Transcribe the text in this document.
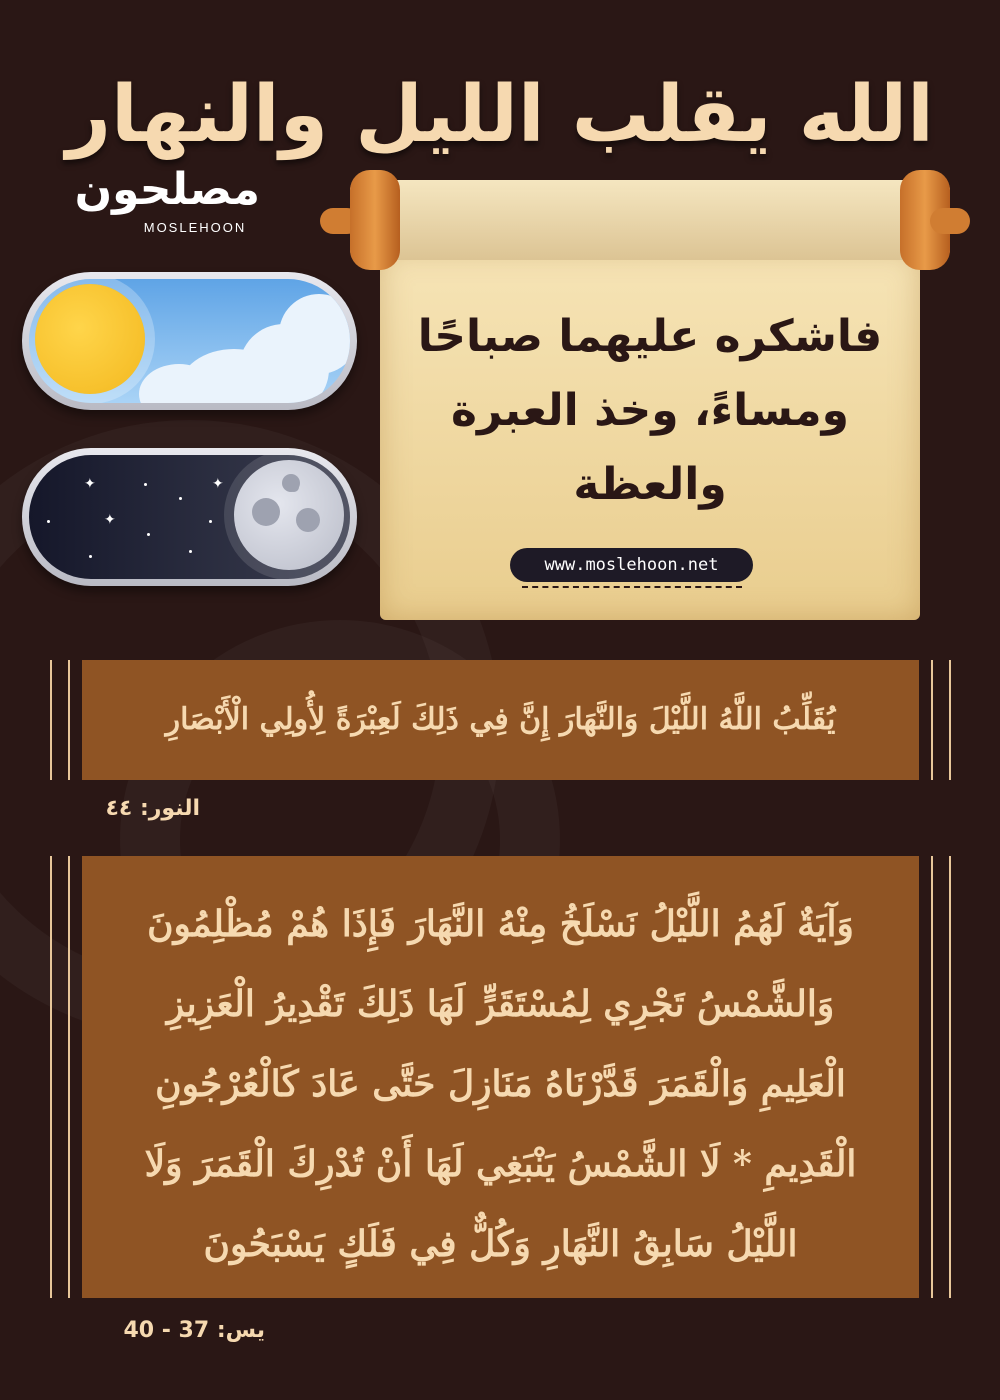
الله يقلب الليل والنهار
مصلحون
MOSLEHOON
✦	✦
✦
فاشكره عليهما صباحًا
ومساءً، وخذ العبرة
والعظة
www.moslehoon.net
يُقَلِّبُ اللَّهُ اللَّيْلَ وَالنَّهَارَ إِنَّ فِي ذَلِكَ لَعِبْرَةً لِأُولِي الْأَبْصَارِ
النور: ٤٤
وَآيَةٌ لَهُمُ اللَّيْلُ نَسْلَخُ مِنْهُ النَّهَارَ فَإِذَا هُمْ مُظْلِمُونَ
وَالشَّمْسُ تَجْرِي لِمُسْتَقَرٍّ لَهَا ذَلِكَ تَقْدِيرُ الْعَزِيزِ
الْعَلِيمِ وَالْقَمَرَ قَدَّرْنَاهُ مَنَازِلَ حَتَّى عَادَ كَالْعُرْجُونِ
الْقَدِيمِ * لَا الشَّمْسُ يَنْبَغِي لَهَا أَنْ تُدْرِكَ الْقَمَرَ وَلَا
اللَّيْلُ سَابِقُ النَّهَارِ وَكُلٌّ فِي فَلَكٍ يَسْبَحُونَ
يس: 37 - 40
